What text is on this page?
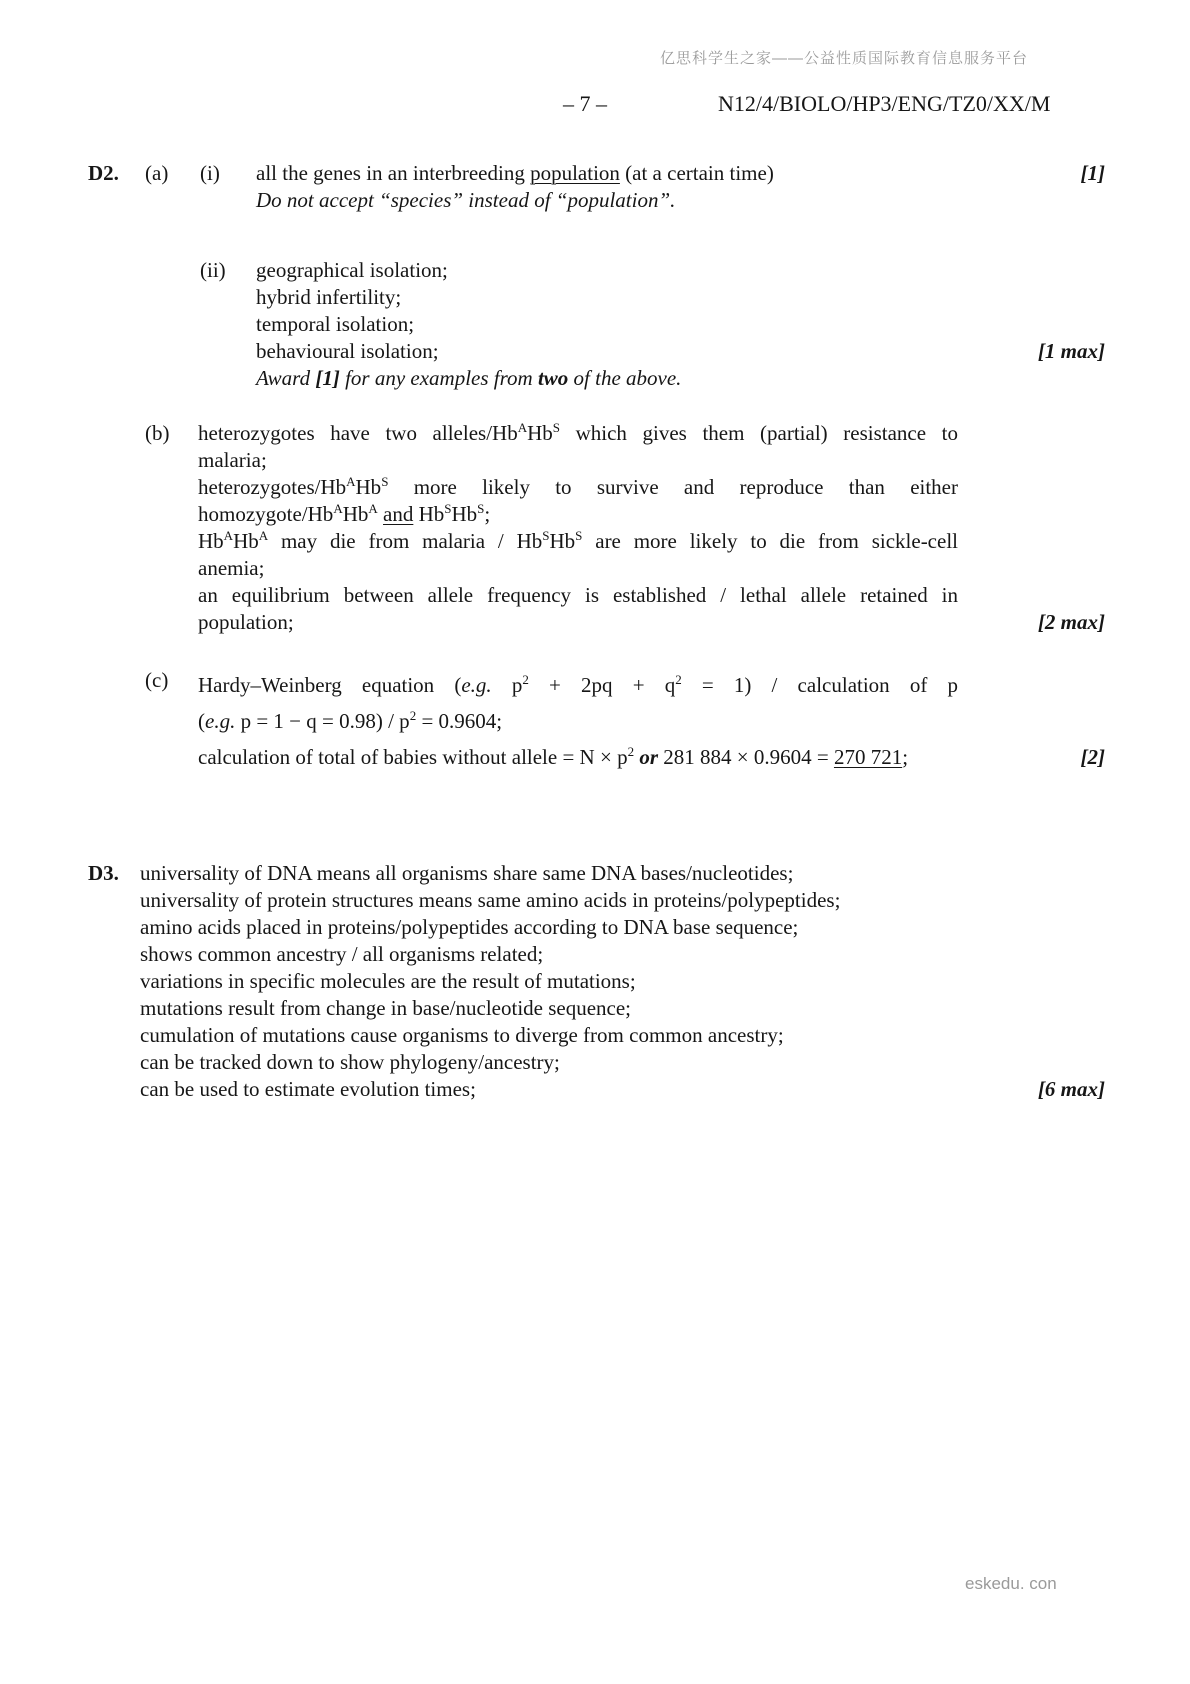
亿思科学生之家——公益性质国际教育信息服务平台
– 7 –	N12/4/BIOLO/HP3/ENG/TZ0/XX/M
D2. (a) (i) all the genes in an interbreeding population (at a certain time)
Do not accept “species” instead of “population”.
(ii) geographical isolation;
hybrid infertility;
temporal isolation;
behavioural isolation;
Award [1] for any examples from two of the above.
(b) heterozygotes have two alleles/$Hb^AHb^S$ which gives them (partial) resistance to
malaria;
heterozygotes/$Hb^AHb^S$ more likely to survive and reproduce than either
homozygote/$Hb^AHb^A$ and $Hb^SHb^S$;
$Hb^AHb^A$ may die from malaria / $Hb^SHb^S$ are more likely to die from sickle-cell
anemia;
an equilibrium between allele frequency is established / lethal allele retained in
population;
(c) Hardy–Weinberg equation (e.g. $p^2 + 2pq + q^2 = 1$) / calculation of p
(e.g. $p = 1 - q = 0.98) / p^2 = 0.9604$;
calculation of total of babies without allele = $N \times p^2$ or 281 884 × 0.9604 = 270 721;
D3. universality of DNA means all organisms share same DNA bases/nucleotides;
universality of protein structures means same amino acids in proteins/polypeptides;
amino acids placed in proteins/polypeptides according to DNA base sequence;
shows common ancestry / all organisms related;
variations in specific molecules are the result of mutations;
mutations result from change in base/nucleotide sequence;
cumulation of mutations cause organisms to diverge from common ancestry;
can be tracked down to show phylogeny/ancestry;
can be used to estimate evolution times;
[1]
[1 max]
[2 max]
[2]
[6 max]
eskedu. con
